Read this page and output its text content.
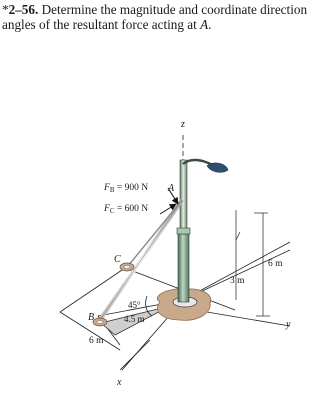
*2–56. Determine the magnitude and coordinate direction
angles of the resultant force acting at A.
z
y
x
A
B
C
$F_B = 900$ N
$F_C = 600$ N
6 m
3 m
6 m
4.5 m
45°
